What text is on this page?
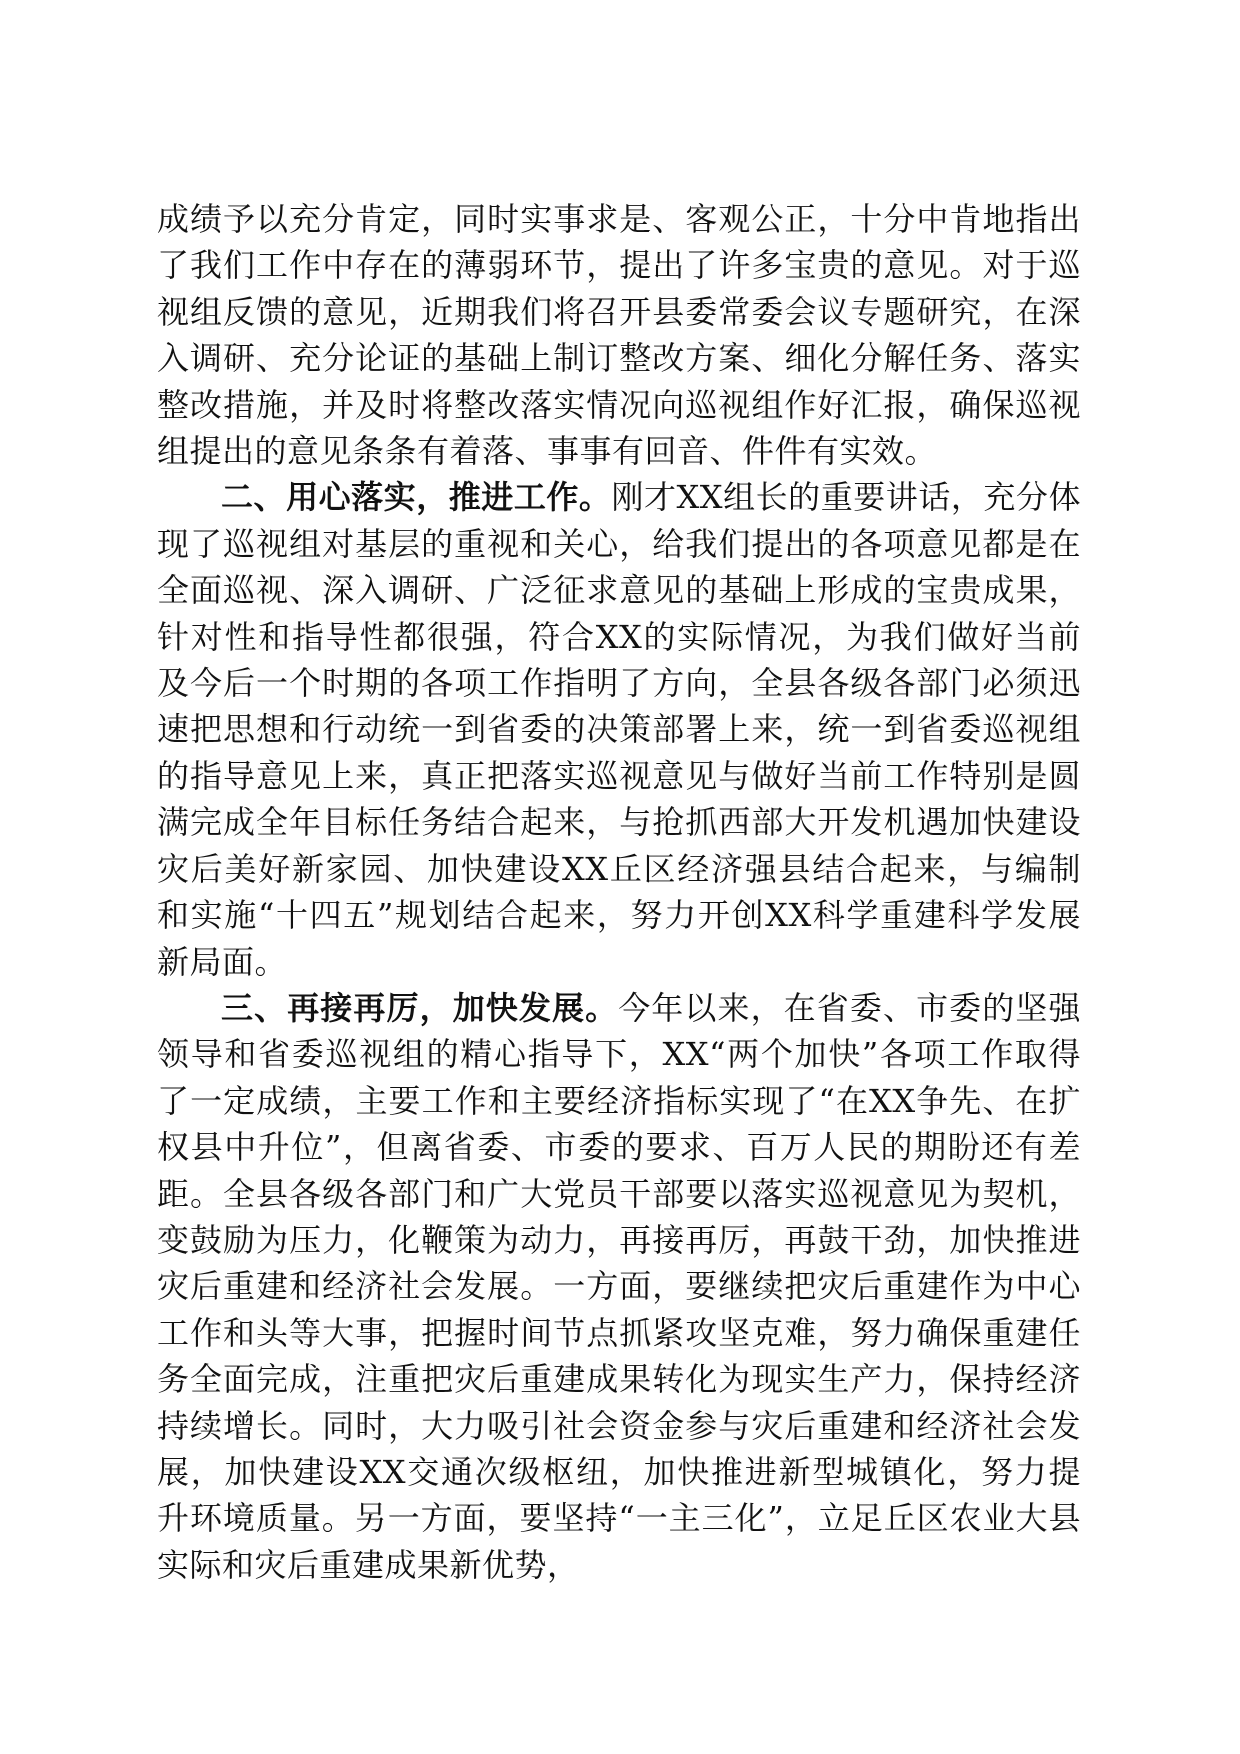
成绩予以充分肯定，同时实事求是、客观公正，十分中肯地指出了我们工作中存在的薄弱环节，提出了许多宝贵的意见。对于巡视组反馈的意见，近期我们将召开县委常委会议专题研究，在深入调研、充分论证的基础上制订整改方案、细化分解任务、落实整改措施，并及时将整改落实情况向巡视组作好汇报，确保巡视组提出的意见条条有着落、事事有回音、件件有实效。

二、用心落实，推进工作。刚才XX组长的重要讲话，充分体现了巡视组对基层的重视和关心，给我们提出的各项意见都是在全面巡视、深入调研、广泛征求意见的基础上形成的宝贵成果，针对性和指导性都很强，符合XX的实际情况，为我们做好当前及今后一个时期的各项工作指明了方向，全县各级各部门必须迅速把思想和行动统一到省委的决策部署上来，统一到省委巡视组的指导意见上来，真正把落实巡视意见与做好当前工作特别是圆满完成全年目标任务结合起来，与抢抓西部大开发机遇加快建设灾后美好新家园、加快建设XX丘区经济强县结合起来，与编制和实施“十四五”规划结合起来，努力开创XX科学重建科学发展新局面。

三、再接再厉，加快发展。今年以来，在省委、市委的坚强领导和省委巡视组的精心指导下，XX“两个加快”各项工作取得了一定成绩，主要工作和主要经济指标实现了“在XX争先、在扩权县中升位”，但离省委、市委的要求、百万人民的期盼还有差距。全县各级各部门和广大党员干部要以落实巡视意见为契机，变鼓励为压力，化鞭策为动力，再接再厉，再鼓干劲，加快推进灾后重建和经济社会发展。一方面，要继续把灾后重建作为中心工作和头等大事，把握时间节点抓紧攻坚克难，努力确保重建任务全面完成，注重把灾后重建成果转化为现实生产力，保持经济持续增长。同时，大力吸引社会资金参与灾后重建和经济社会发展，加快建设XX交通次级枢纽，加快推进新型城镇化，努力提升环境质量。另一方面，要坚持“一主三化”，立足丘区农业大县实际和灾后重建成果新优势，
